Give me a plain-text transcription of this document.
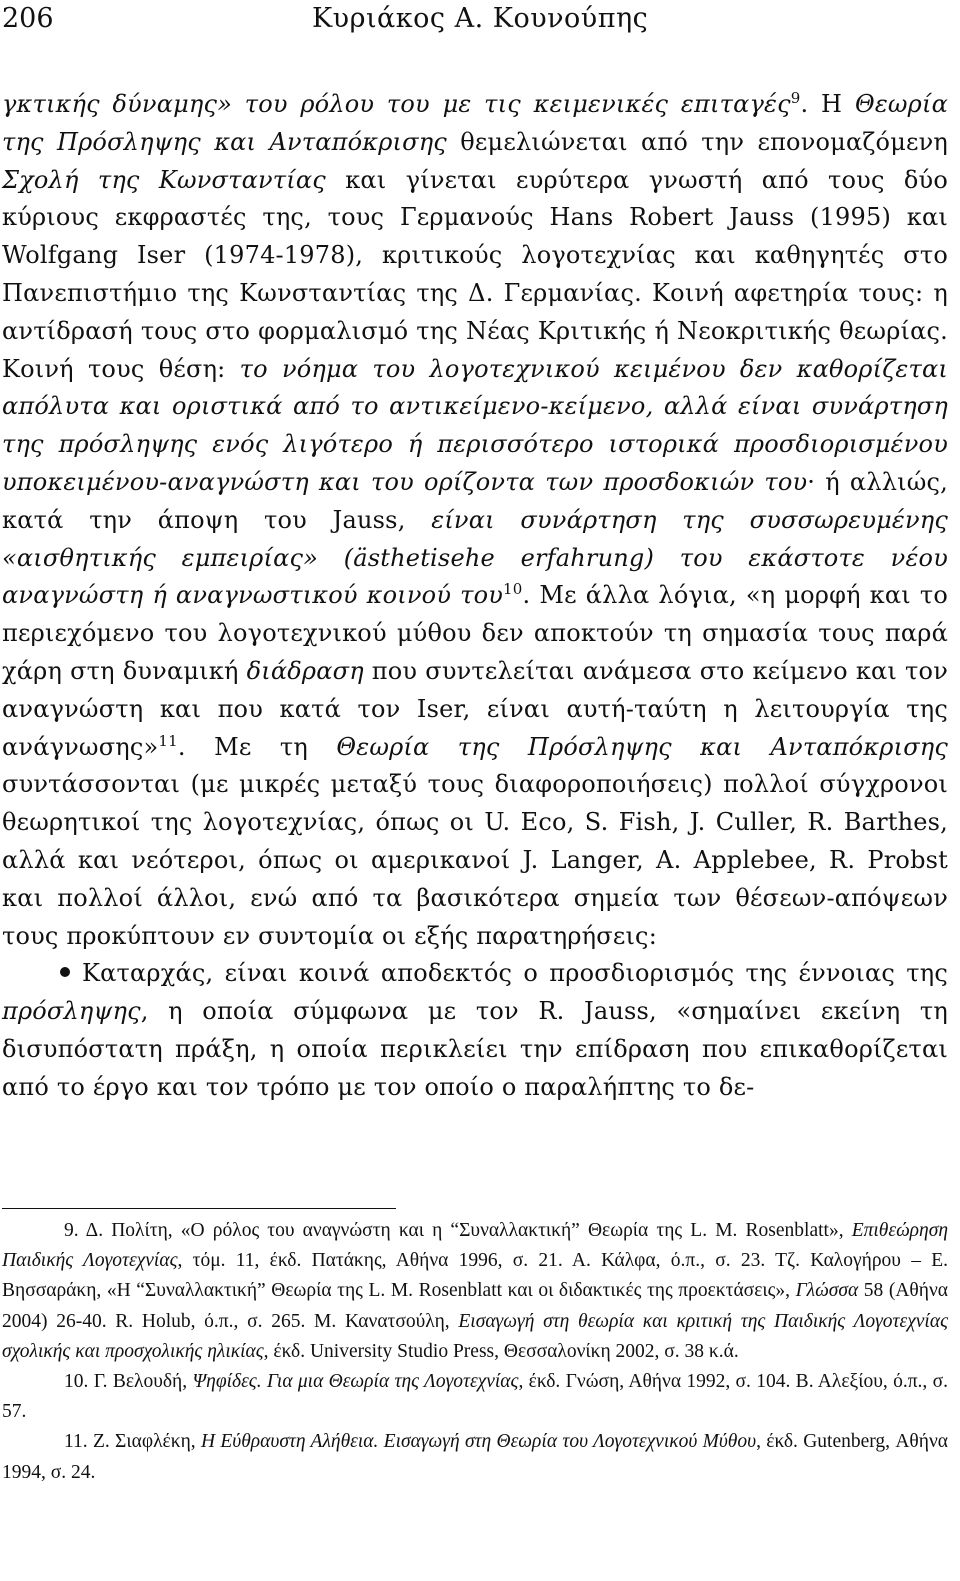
206	Κυριάκος Α. Κουνούπης

γκτικής δύναμης» του ρόλου του με τις κειμενικές επιταγές$^9$. Η Θεωρία της Πρόσληψης και Ανταπόκρισης θεμελιώνεται από την επονομαζόμενη Σχολή της Κωνσταντίας και γίνεται ευρύτερα γνωστή από τους δύο κύριους εκφραστές της, τους Γερμανούς Hans Robert Jauss (1995) και Wolfgang Iser (1974-1978), κριτικούς λογοτεχνίας και καθηγητές στο Πανεπιστήμιο της Κωνσταντίας της Δ. Γερμανίας. Κοινή αφετηρία τους: η αντίδρασή τους στο φορμαλισμό της Νέας Κριτικής ή Νεοκριτικής θεωρίας. Κοινή τους θέση: το νόημα του λογοτεχνικού κειμένου δεν καθορίζεται απόλυτα και οριστικά από το αντικείμενο-κείμενο, αλλά είναι συνάρτηση της πρόσληψης ενός λιγότερο ή περισσότερο ιστορικά προσδιορισμένου υποκειμένου-αναγνώστη και του ορίζοντα των προσδοκιών του· ή αλλιώς, κατά την άποψη του Jauss, είναι συνάρτηση της συσσωρευμένης «αισθητικής εμπειρίας» (ästhetisehe erfahrung) του εκάστοτε νέου αναγνώστη ή αναγνωστικού κοινού του$^{10}$. Με άλλα λόγια, «η μορφή και το περιεχόμενο του λογοτεχνικού μύθου δεν αποκτούν τη σημασία τους παρά χάρη στη δυναμική διάδραση που συντελείται ανάμεσα στο κείμενο και τον αναγνώστη και που κατά τον Iser, είναι αυτή-ταύτη η λειτουργία της ανάγνωσης»$^{11}$. Με τη Θεωρία της Πρόσληψης και Ανταπόκρισης συντάσσονται (με μικρές μεταξύ τους διαφοροποιήσεις) πολλοί σύγχρονοι θεωρητικοί της λογοτεχνίας, όπως οι U. Eco, S. Fish, J. Culler, R. Barthes, αλλά και νεότεροι, όπως οι αμερικανοί J. Langer, A. Applebee, R. Probst και πολλοί άλλοι, ενώ από τα βασικότερα σημεία των θέσεων-απόψεων τους προκύπτουν εν συντομία οι εξής παρατηρήσεις:

Καταρχάς, είναι κοινά αποδεκτός ο προσδιορισμός της έννοιας της πρόσληψης, η οποία σύμφωνα με τον R. Jauss, «σημαίνει εκείνη τη δισυπόστατη πράξη, η οποία περικλείει την επίδραση που επικαθορίζεται από το έργο και τον τρόπο με τον οποίο ο παραλήπτης το δε-

9. Δ. Πολίτη, «Ο ρόλος του αναγνώστη και η “Συναλλακτική” Θεωρία της L. M. Rosenblatt», Επιθεώρηση Παιδικής Λογοτεχνίας, τόμ. 11, έκδ. Πατάκης, Αθήνα 1996, σ. 21. Α. Κάλφα, ό.π., σ. 23. Τζ. Καλογήρου – Ε. Βησσαράκη, «Η “Συναλλακτική” Θεωρία της L. M. Rosenblatt και οι διδακτικές της προεκτάσεις», Γλώσσα 58 (Αθήνα 2004) 26-40. R. Holub, ό.π., σ. 265. Μ. Κανατσούλη, Εισαγωγή στη θεωρία και κριτική της Παιδικής Λογοτεχνίας σχολικής και προσχολικής ηλικίας, έκδ. University Studio Press, Θεσσαλονίκη 2002, σ. 38 κ.ά.

10. Γ. Βελουδή, Ψηφίδες. Για μια Θεωρία της Λογοτεχνίας, έκδ. Γνώση, Αθήνα 1992, σ. 104. Β. Αλεξίου, ό.π., σ. 57.

11. Ζ. Σιαφλέκη, Η Εύθραυστη Αλήθεια. Εισαγωγή στη Θεωρία του Λογοτεχνικού Μύθου, έκδ. Gutenberg, Αθήνα 1994, σ. 24.
